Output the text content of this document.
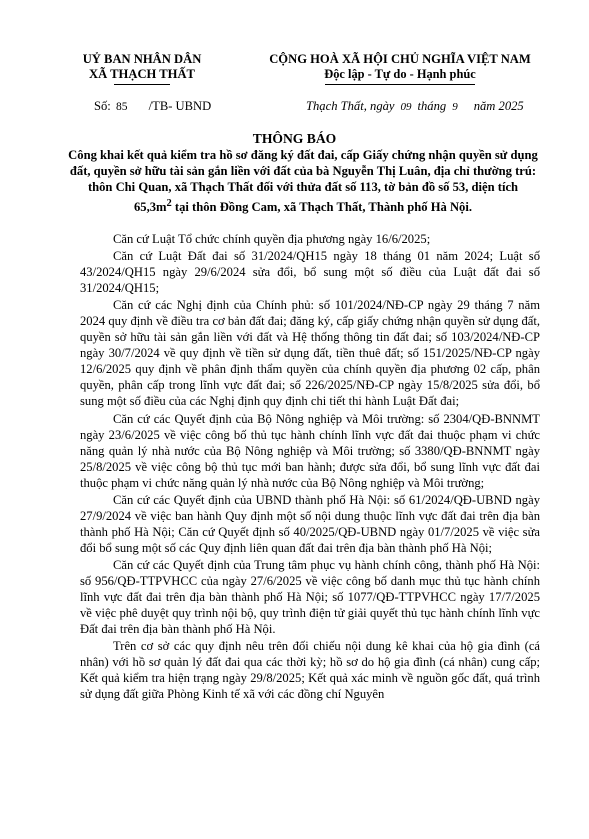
UỶ BAN NHÂN DÂN
XÃ THẠCH THẤT
CỘNG HOÀ XÃ HỘI CHỦ NGHĨA VIỆT NAM
Độc lập - Tự do - Hạnh phúc
Số: 85 /TB- UBND	Thạch Thất, ngày 09 tháng 9 năm 2025
THÔNG BÁO
Công khai kết quả kiểm tra hồ sơ đăng ký đất đai, cấp Giấy chứng nhận quyền sử dụng đất, quyền sở hữu tài sản gắn liền với đất của bà Nguyễn Thị Luân, địa chỉ thường trú: thôn Chi Quan, xã Thạch Thất đối với thửa đất số 113, tờ bản đồ số 53, diện tích $65,3m^2$ tại thôn Đồng Cam, xã Thạch Thất, Thành phố Hà Nội.

Căn cứ Luật Tổ chức chính quyền địa phương ngày 16/6/2025;

Căn cứ Luật Đất đai số 31/2024/QH15 ngày 18 tháng 01 năm 2024; Luật số 43/2024/QH15 ngày 29/6/2024 sửa đổi, bổ sung một số điều của Luật đất đai số 31/2024/QH15;

Căn cứ các Nghị định của Chính phủ: số 101/2024/NĐ-CP ngày 29 tháng 7 năm 2024 quy định về điều tra cơ bản đất đai; đăng ký, cấp giấy chứng nhận quyền sử dụng đất, quyền sở hữu tài sản gắn liền với đất và Hệ thống thông tin đất đai; số 103/2024/NĐ-CP ngày 30/7/2024 về quy định về tiền sử dụng đất, tiền thuê đất; số 151/2025/NĐ-CP ngày 12/6/2025 quy định về phân định thẩm quyền của chính quyền địa phương 02 cấp, phân quyền, phân cấp trong lĩnh vực đất đai; số 226/2025/NĐ-CP ngày 15/8/2025 sửa đổi, bổ sung một số điều của các Nghị định quy định chi tiết thi hành Luật Đất đai;

Căn cứ các Quyết định của Bộ Nông nghiệp và Môi trường: số 2304/QĐ-BNNMT ngày 23/6/2025 về việc công bố thủ tục hành chính lĩnh vực đất đai thuộc phạm vi chức năng quản lý nhà nước của Bộ Nông nghiệp và Môi trường; số 3380/QĐ-BNNMT ngày 25/8/2025 về việc công bộ thủ tục mới ban hành; được sửa đổi, bổ sung lĩnh vực đất đai thuộc phạm vi chức năng quản lý nhà nước của Bộ Nông nghiệp và Môi trường;

Căn cứ các Quyết định của UBND thành phố Hà Nội: số 61/2024/QĐ-UBND ngày 27/9/2024 về việc ban hành Quy định một số nội dung thuộc lĩnh vực đất đai trên địa bàn thành phố Hà Nội; Căn cứ Quyết định số 40/2025/QĐ-UBND ngày 01/7/2025 về việc sửa đổi bổ sung một số các Quy định liên quan đất đai trên địa bàn thành phố Hà Nội;

Căn cứ các Quyết định của Trung tâm phục vụ hành chính công, thành phố Hà Nội: số 956/QĐ-TTPVHCC của ngày 27/6/2025 về việc công bố danh mục thủ tục hành chính lĩnh vực đất đai trên địa bàn thành phố Hà Nội; số 1077/QĐ-TTPVHCC ngày 17/7/2025 về việc phê duyệt quy trình nội bộ, quy trình điện tử giải quyết thủ tục hành chính lĩnh vực Đất đai trên địa bàn thành phố Hà Nội.

Trên cơ sở các quy định nêu trên đối chiếu nội dung kê khai của hộ gia đình (cá nhân) với hồ sơ quản lý đất đai qua các thời kỳ; hồ sơ do hộ gia đình (cá nhân) cung cấp; Kết quả kiểm tra hiện trạng ngày 29/8/2025; Kết quả xác minh về nguồn gốc đất, quá trình sử dụng đất giữa Phòng Kinh tế xã với các đồng chí Nguyên
